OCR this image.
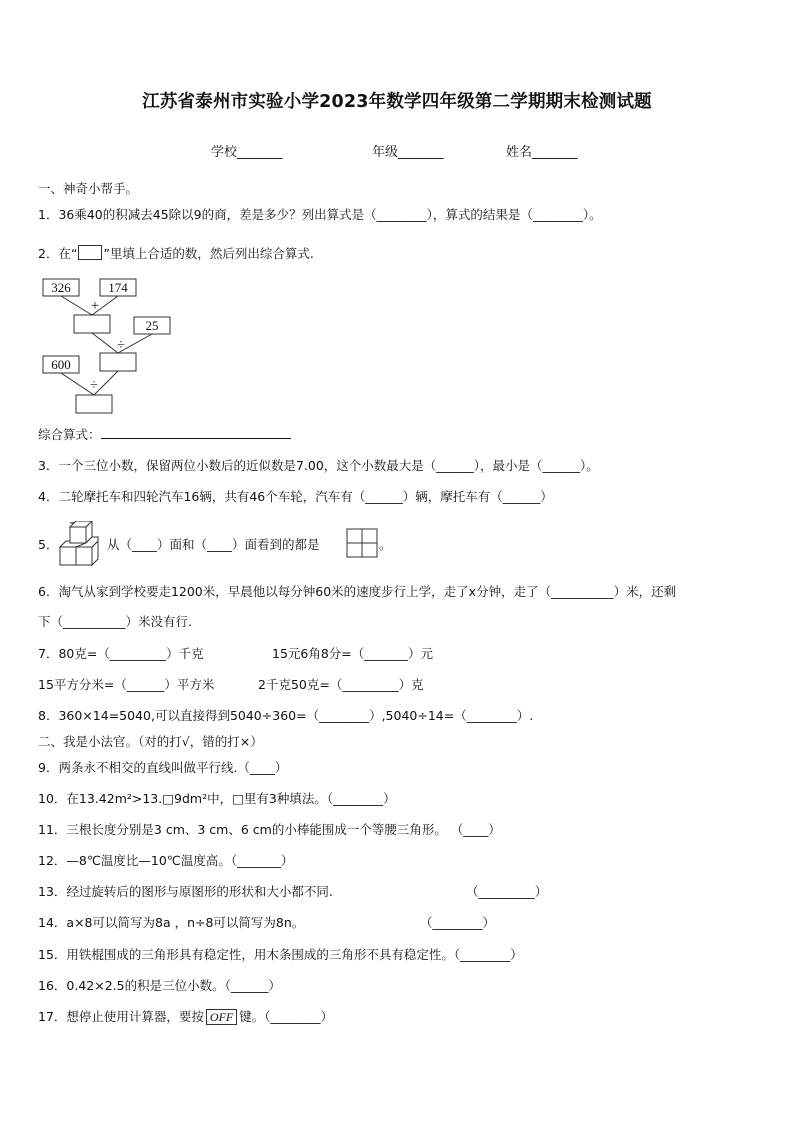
江苏省泰州市实验小学2023年数学四年级第二学期期末检测试题
学校_______	年级_______	姓名_______
一、神奇小帮手。
1．36乘40的积减去45除以9的商，差是多少？列出算式是（________），算式的结果是（________）。
2．在“ ”里填上合适的数，然后列出综合算式.
326	174
+
25
÷
600
÷
综合算式：
3．一个三位小数，保留两位小数后的近似数是7.00，这个小数最大是（______），最小是（______）。
4．二轮摩托车和四轮汽车16辆，共有46个车轮，汽车有（______）辆，摩托车有（______）
5．	从（____）面和（____）面看到的都是	。
6．淘气从家到学校要走1200米，早晨他以每分钟60米的速度步行上学，走了x分钟，走了（__________）米，还剩
下（__________）米没有行.
7．80克=（_________）千克	15元6角8分=（_______）元
15平方分米=（______）平方米	2千克50克=（_________）克
8．360×14=5040,可以直接得到5040÷360=（________）,5040÷14=（________）.
二、我是小法官。（对的打√，错的打×）
9．两条永不相交的直线叫做平行线.（____）
10．在13.42m²>13.□9dm²中，□里有3种填法。（________）
11．三根长度分别是3 cm、3 cm、6 cm的小棒能围成一个等腰三角形。 （____）
12．—8℃温度比—10℃温度高。（_______）
13．经过旋转后的图形与原图形的形状和大小都不同.	（_________）
14．a×8可以简写为8a ，n÷8可以简写为8n。	（________）
15．用铁棍围成的三角形具有稳定性，用木条围成的三角形不具有稳定性。（________）
16．0.42×2.5的积是三位小数。（______）
17．想停止使用计算器，要按 OFF 键。（________）
